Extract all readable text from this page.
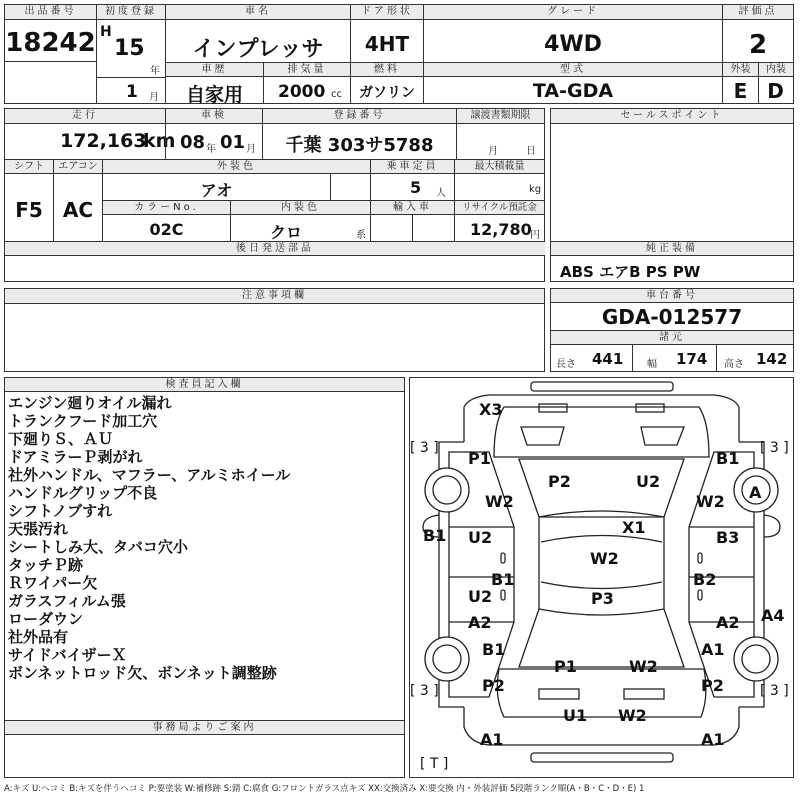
出品番号
18242
初度登録
H
15
年
1 月
車名
インプレッサ
ドア形状
4HT
グレード
4WD
評価点
2
車歴
自家用
排気量
2000 cc
燃料
ガソリン
型式
TA-GDA
外装	内装
E D
走行
172,163
km
車検
08 年 01 月
登録番号
千葉 303サ5788
譲渡書類期限
月	日
シフト
F5
エアコン
AC
外装色
アオ
乗車定員
5 人
最大積載量
kg
カラーNo.
02C
内装色
クロ	系
輸入車	リサイクル預託金
12,780
円
後日発送部品
セールスポイント
純正装備
ABS エアB PS PW
注意事項欄	車台番号
GDA-012577
諸元
長さ 441 幅 174 高さ 142
検査員記入欄
エンジン廻りオイル漏れ
トランクフード加工穴
下廻りＳ、ＡＵ
ドアミラーＰ剥がれ
社外ハンドル、マフラー、アルミホイール
ハンドルグリップ不良
シフトノブすれ
天張汚れ
シートしみ大、タバコ穴小
タッチＰ跡
Ｒワイパー欠
ガラスフィルム張
ローダウン
社外品有
サイドバイザーＸ
ボンネットロッド欠、ボンネット調整跡
事務局よりご案内
X3
[ 3 ]	[ 3 ]
P1
P2	U2
B1
W2	A
W2
B1	X1
U2	B3
W2
B1	B2
U2	P3
A2	A2 A4
B1	A1
P1	W2
P2	P2
[ 3 ]	[ 3 ]
U1 W2
A1	A1
[ T ]
A:キズ U:ヘコミ B:キズを伴うヘコミ P:要塗装 W:補修跡 S:錆 C:腐食 G:フロントガラス点キズ XX:交換済み X:要交換 内・外装評価 5段階ランク順(A・B・C・D・E) 1
